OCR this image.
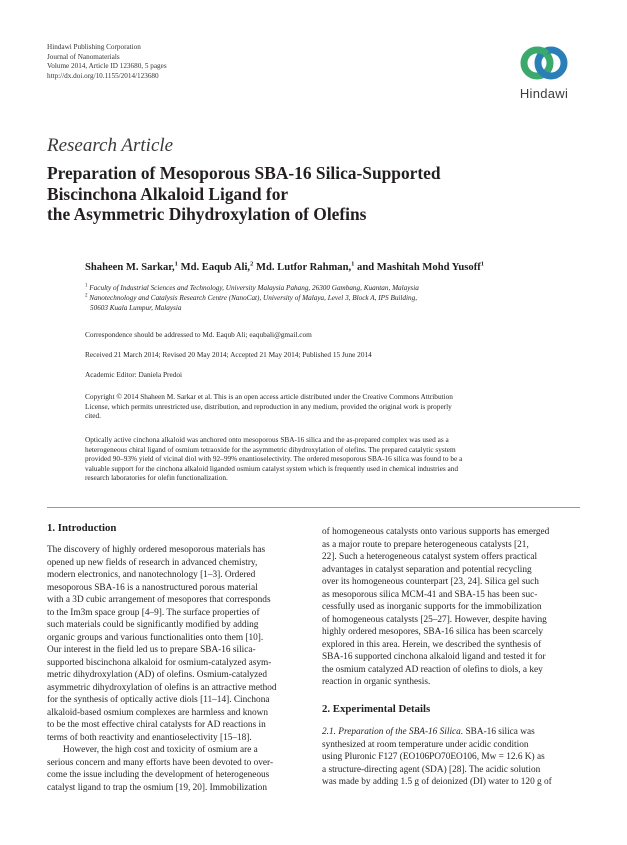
Hindawi Publishing Corporation
Journal of Nanomaterials
Volume 2014, Article ID 123680, 5 pages
http://dx.doi.org/10.1155/2014/123680
Hindawi
Research Article
Preparation of Mesoporous SBA-16 Silica-Supported
Biscinchona Alkaloid Ligand for
the Asymmetric Dihydroxylation of Olefins
Shaheen M. Sarkar,$^1$ Md. Eaqub Ali,$^2$ Md. Lutfor Rahman,$^1$ and Mashitah Mohd Yusoff$^1$
$^1$ Faculty of Industrial Sciences and Technology, University Malaysia Pahang, 26300 Gambang, Kuantan, Malaysia
$^2$ Nanotechnology and Catalysis Research Centre (NanoCat), University of Malaya, Level 3, Block A, IPS Building,
50603 Kuala Lumpur, Malaysia
Correspondence should be addressed to Md. Eaqub Ali; eaqubali@gmail.com
Received 21 March 2014; Revised 20 May 2014; Accepted 21 May 2014; Published 15 June 2014
Academic Editor: Daniela Predoi
Copyright © 2014 Shaheen M. Sarkar et al. This is an open access article distributed under the Creative Commons Attribution
License, which permits unrestricted use, distribution, and reproduction in any medium, provided the original work is properly
cited.
Optically active cinchona alkaloid was anchored onto mesoporous SBA-16 silica and the as-prepared complex was used as a
heterogeneous chiral ligand of osmium tetraoxide for the asymmetric dihydroxylation of olefins. The prepared catalytic system
provided 90–93% yield of vicinal diol with 92–99% enantioselectivity. The ordered mesoporous SBA-16 silica was found to be a
valuable support for the cinchona alkaloid liganded osmium catalyst system which is frequently used in chemical industries and
research laboratories for olefin functionalization.
1. Introduction
The discovery of highly ordered mesoporous materials has
opened up new fields of research in advanced chemistry,
modern electronics, and nanotechnology [1–3]. Ordered
mesoporous SBA-16 is a nanostructured porous material
with a 3D cubic arrangement of mesopores that corresponds
to the Im3m space group [4–9]. The surface properties of
such materials could be significantly modified by adding
organic groups and various functionalities onto them [10].
Our interest in the field led us to prepare SBA-16 silica-
supported biscinchona alkaloid for osmium-catalyzed asym-
metric dihydroxylation (AD) of olefins. Osmium-catalyzed
asymmetric dihydroxylation of olefins is an attractive method
for the synthesis of optically active diols [11–14]. Cinchona
alkaloid-based osmium complexes are harmless and known
to be the most effective chiral catalysts for AD reactions in
terms of both reactivity and enantioselectivity [15–18].
However, the high cost and toxicity of osmium are a
serious concern and many efforts have been devoted to over-
come the issue including the development of heterogeneous
catalyst ligand to trap the osmium [19, 20]. Immobilization
of homogeneous catalysts onto various supports has emerged
as a major route to prepare heterogeneous catalysts [21,
22]. Such a heterogeneous catalyst system offers practical
advantages in catalyst separation and potential recycling
over its homogeneous counterpart [23, 24]. Silica gel such
as mesoporous silica MCM-41 and SBA-15 has been suc-
cessfully used as inorganic supports for the immobilization
of homogeneous catalysts [25–27]. However, despite having
highly ordered mesopores, SBA-16 silica has been scarcely
explored in this area. Herein, we described the synthesis of
SBA-16 supported cinchona alkaloid ligand and tested it for
the osmium catalyzed AD reaction of olefins to diols, a key
reaction in organic synthesis.
2. Experimental Details
2.1. Preparation of the SBA-16 Silica. SBA-16 silica was
synthesized at room temperature under acidic condition
using Pluronic F127 (EO106PO70EO106, Mw = 12.6 K) as
a structure-directing agent (SDA) [28]. The acidic solution
was made by adding 1.5 g of deionized (DI) water to 120 g of
